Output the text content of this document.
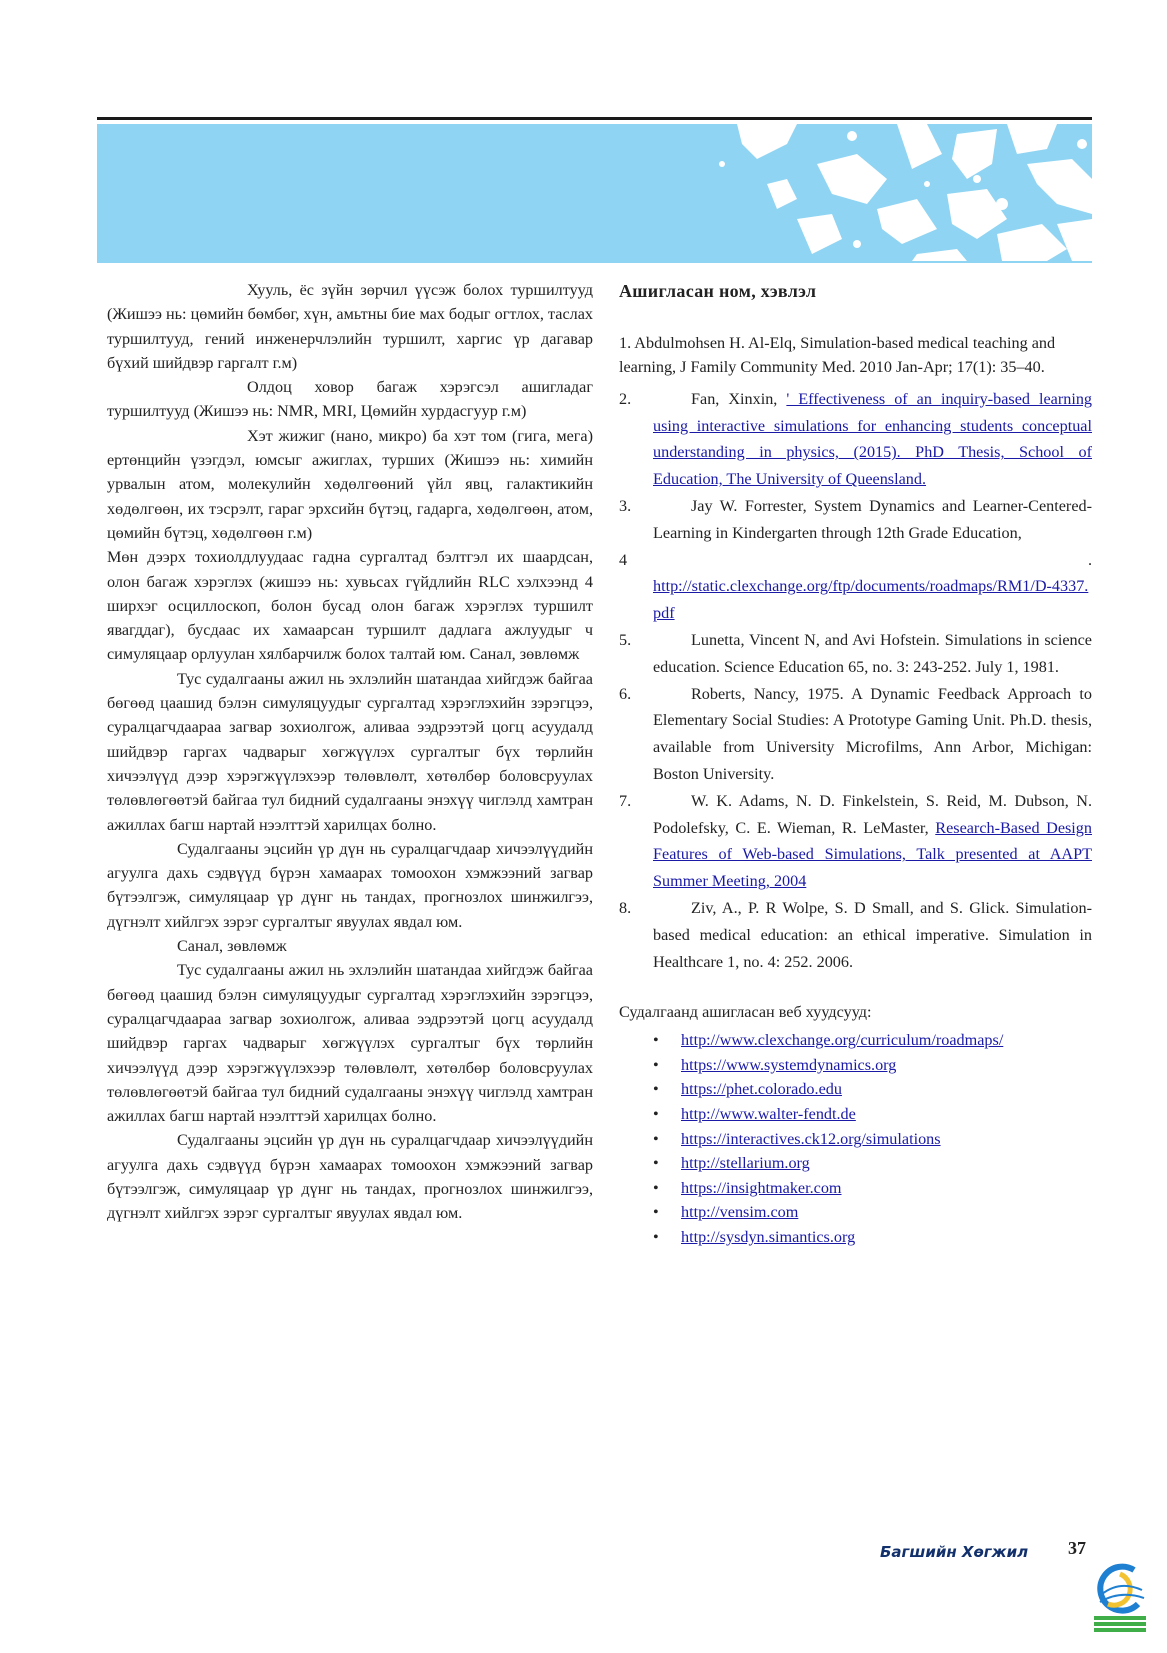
Хууль, ёс зүйн зөрчил үүсэж болох туршилтууд (Жишээ нь: цөмийн бөмбөг, хүн, амьтны бие мах бодыг огтлох, таслах туршилтууд, гений инженерчлэлийн туршилт, харгис үр дагавар бүхий шийдвэр гаргалт г.м)

Олдоц ховор багаж хэрэгсэл ашигладаг туршилтууд (Жишээ нь: NMR, MRI, Цөмийн хурдасгуур г.м)

Хэт жижиг (нано, микро) ба хэт том (гига, мега) ертөнцийн үзэгдэл, юмсыг ажиглах, турших (Жишээ нь: химийн урвалын атом, молекулийн хөдөлгөөний үйл явц, галактикийн хөдөлгөөн, их тэсрэлт, гараг эрхсийн бүтэц, гадарга, хөдөлгөөн, атом, цөмийн бүтэц, хөдөлгөөн г.м)

Мөн дээрх тохиолдлуудаас гадна сургалтад бэлтгэл их шаардсан, олон багаж хэрэглэх (жишээ нь: хувьсах гүйдлийн RLC хэлхээнд 4 ширхэг осциллоскоп, болон бусад олон багаж хэрэглэх туршилт явагддаг), бусдаас их хамаарсан туршилт дадлага ажлуудыг ч симуляцаар орлуулан хялбарчилж болох талтай юм. Санал, зөвлөмж

Тус судалгааны ажил нь эхлэлийн шатандаа хийгдэж байгаа бөгөөд цаашид бэлэн симуляцуудыг сургалтад хэрэглэхийн зэрэгцээ, суралцагчдаараа загвар зохиолгож, аливаа ээдрээтэй цогц асуудалд шийдвэр гаргах чадварыг хөгжүүлэх сургалтыг бүх төрлийн хичээлүүд дээр хэрэгжүүлэхээр төлөвлөлт, хөтөлбөр боловсруулах төлөвлөгөөтэй байгаа тул бидний судалгааны энэхүү чиглэлд хамтран ажиллах багш нартай нээлттэй харилцах болно.

Судалгааны эцсийн үр дүн нь суралцагчдаар хичээлүүдийн агуулга дахь сэдвүүд бүрэн хамаарах томоохон хэмжээний загвар бүтээлгэж, симуляцаар үр дүнг нь тандах, прогнозлох шинжилгээ, дүгнэлт хийлгэх зэрэг сургалтыг явуулах явдал юм.

Санал, зөвлөмж

Тус судалгааны ажил нь эхлэлийн шатандаа хийгдэж байгаа бөгөөд цаашид бэлэн симуляцуудыг сургалтад хэрэглэхийн зэрэгцээ, суралцагчдаараа загвар зохиолгож, аливаа ээдрээтэй цогц асуудалд шийдвэр гаргах чадварыг хөгжүүлэх сургалтыг бүх төрлийн хичээлүүд дээр хэрэгжүүлэхээр төлөвлөлт, хөтөлбөр боловсруулах төлөвлөгөөтэй байгаа тул бидний судалгааны энэхүү чиглэлд хамтран ажиллах багш нартай нээлттэй харилцах болно.

Судалгааны эцсийн үр дүн нь суралцагчдаар хичээлүүдийн агуулга дахь сэдвүүд бүрэн хамаарах томоохон хэмжээний загвар бүтээлгэж, симуляцаар үр дүнг нь тандах, прогнозлох шинжилгээ, дүгнэлт хийлгэх зэрэг сургалтыг явуулах явдал юм.

Ашигласан ном, хэвлэл

1. Abdulmohsen H. Al-Elq, Simulation-based medical teaching and learning, J Family Community Med. 2010 Jan-Apr; 17(1): 35–40.

2.	Fan, Xinxin, ' Effectiveness of an inquiry-based learning using interactive simulations for enhancing students conceptual understanding in physics, (2015). PhD Thesis, School of Education, The University of Queensland.
3.	Jay W. Forrester, System Dynamics and Learner-Centered-Learning in Kindergarten through 12th Grade Education,
4	.
http://static.clexchange.org/ftp/documents/roadmaps/RM1/D-4337.pdf
5.	Lunetta, Vincent N, and Avi Hofstein. Simulations in science education. Science Education 65, no. 3: 243-252. July 1, 1981.
6.	Roberts, Nancy, 1975. A Dynamic Feedback Approach to Elementary Social Studies: A Prototype Gaming Unit. Ph.D. thesis, available from University Microfilms, Ann Arbor, Michigan: Boston University.
7.	W. K. Adams, N. D. Finkelstein, S. Reid, M. Dubson, N. Podolefsky, C. E. Wieman, R. LeMaster, Research-Based Design Features of Web-based Simulations, Talk presented at AAPT Summer Meeting, 2004
8.	Ziv, A., P. R Wolpe, S. D Small, and S. Glick. Simulation-based medical education: an ethical imperative. Simulation in Healthcare 1, no. 4: 252. 2006.

Судалгаанд ашигласан веб хуудсууд:

•	http://www.clexchange.org/curriculum/roadmaps/
•	https://www.systemdynamics.org
•	https://phet.colorado.edu
•	http://www.walter-fendt.de
•	https://interactives.ck12.org/simulations
•	http://stellarium.org
•	https://insightmaker.com
•	http://vensim.com
•	http://sysdyn.simantics.org
Багшийн Хөгжил 37
